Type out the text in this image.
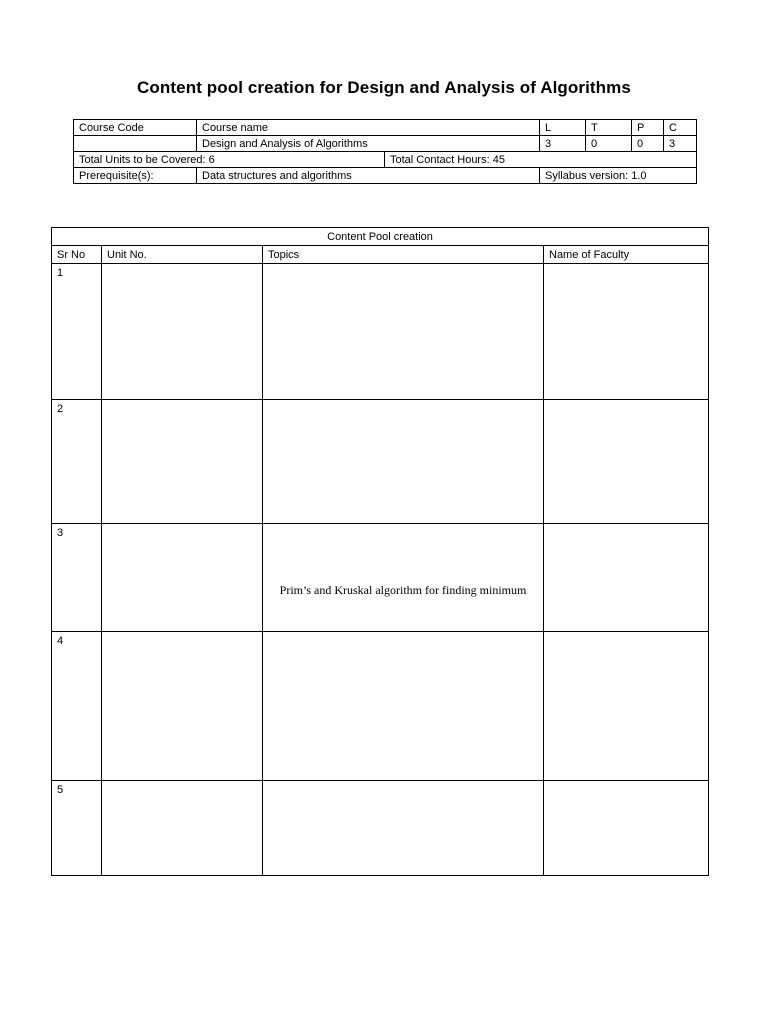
Content pool creation for Design and Analysis of Algorithms
Course Code	Course name		L	T	P	C
	Design and Analysis of Algorithms		3	0	0	3
Total Units to be Covered: 6		Total Contact Hours: 45				
Prerequisite(s):	Data structures and algorithms		Syllabus version: 1.0			
Content Pool creation			
Sr No	Unit No.	Topics	Name of Faculty
1			
2			
3		Prim’s and Kruskal algorithm for finding minimum	

4			
5			
